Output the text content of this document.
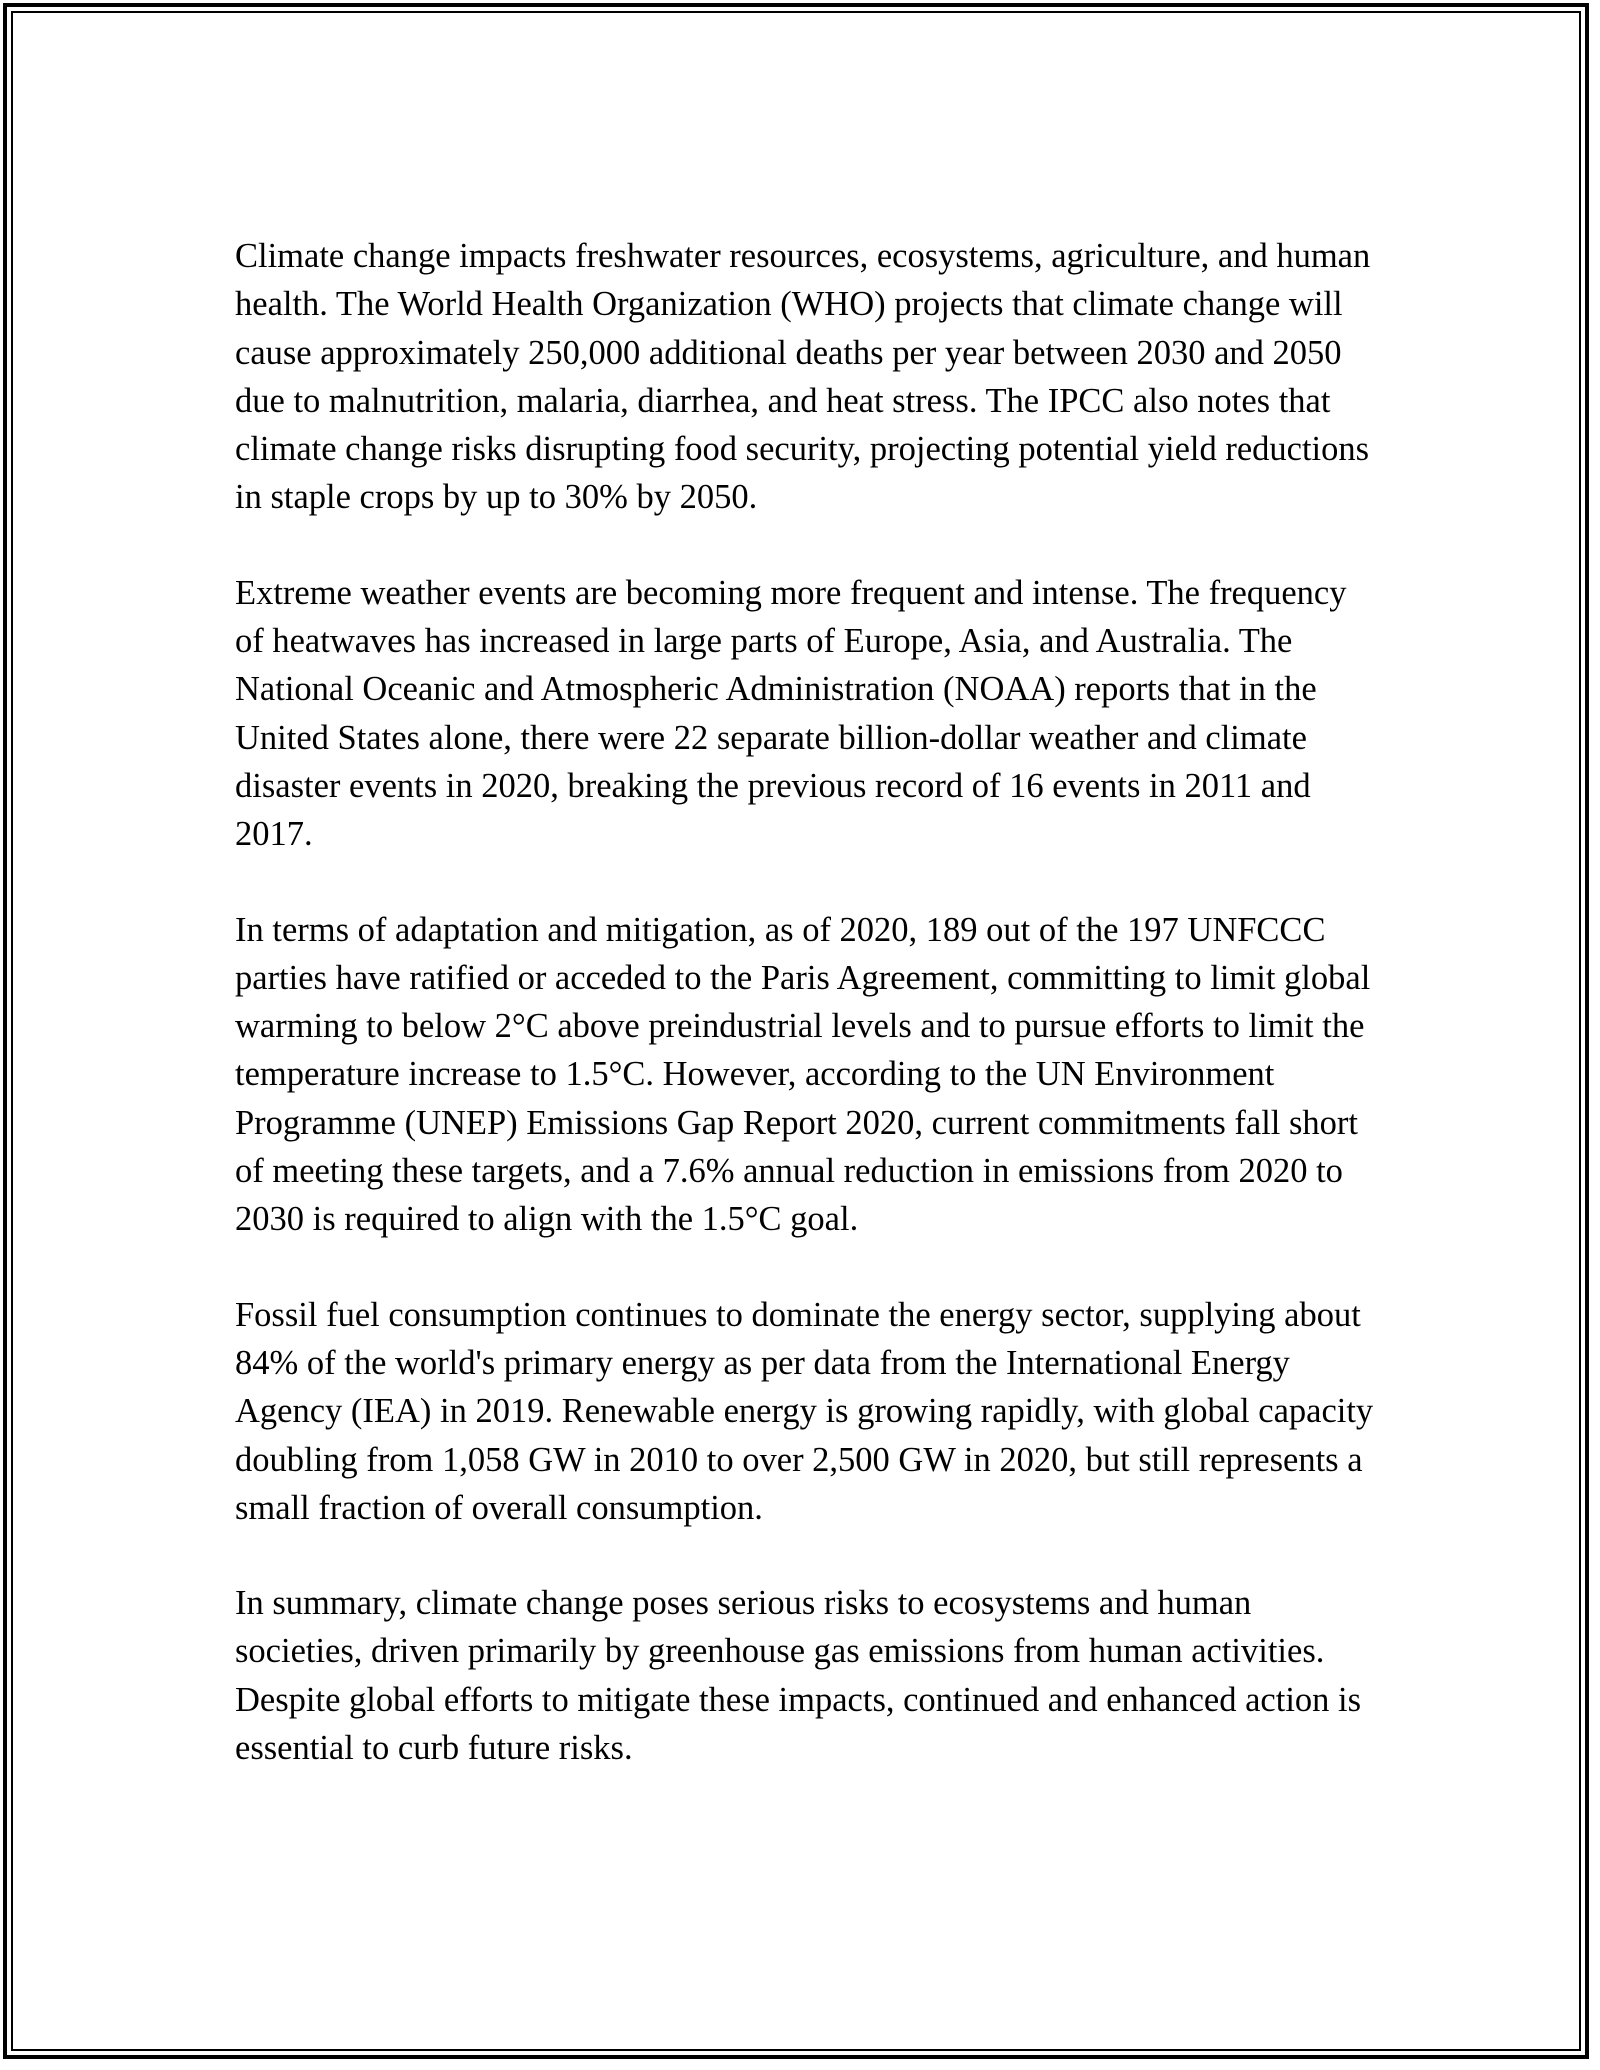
Climate change impacts freshwater resources, ecosystems, agriculture, and human health. The World Health Organization (WHO) projects that climate change will cause approximately 250,000 additional deaths per year between 2030 and 2050 due to malnutrition, malaria, diarrhea, and heat stress. The IPCC also notes that climate change risks disrupting food security, projecting potential yield reductions in staple crops by up to 30% by 2050.

Extreme weather events are becoming more frequent and intense. The frequency of heatwaves has increased in large parts of Europe, Asia, and Australia. The National Oceanic and Atmospheric Administration (NOAA) reports that in the United States alone, there were 22 separate billion-dollar weather and climate disaster events in 2020, breaking the previous record of 16 events in 2011 and 2017.

In terms of adaptation and mitigation, as of 2020, 189 out of the 197 UNFCCC parties have ratified or acceded to the Paris Agreement, committing to limit global warming to below 2°C above preindustrial levels and to pursue efforts to limit the temperature increase to 1.5°C. However, according to the UN Environment Programme (UNEP) Emissions Gap Report 2020, current commitments fall short of meeting these targets, and a 7.6% annual reduction in emissions from 2020 to 2030 is required to align with the 1.5°C goal.

Fossil fuel consumption continues to dominate the energy sector, supplying about 84% of the world's primary energy as per data from the International Energy Agency (IEA) in 2019. Renewable energy is growing rapidly, with global capacity doubling from 1,058 GW in 2010 to over 2,500 GW in 2020, but still represents a small fraction of overall consumption.

In summary, climate change poses serious risks to ecosystems and human societies, driven primarily by greenhouse gas emissions from human activities. Despite global efforts to mitigate these impacts, continued and enhanced action is essential to curb future risks.
